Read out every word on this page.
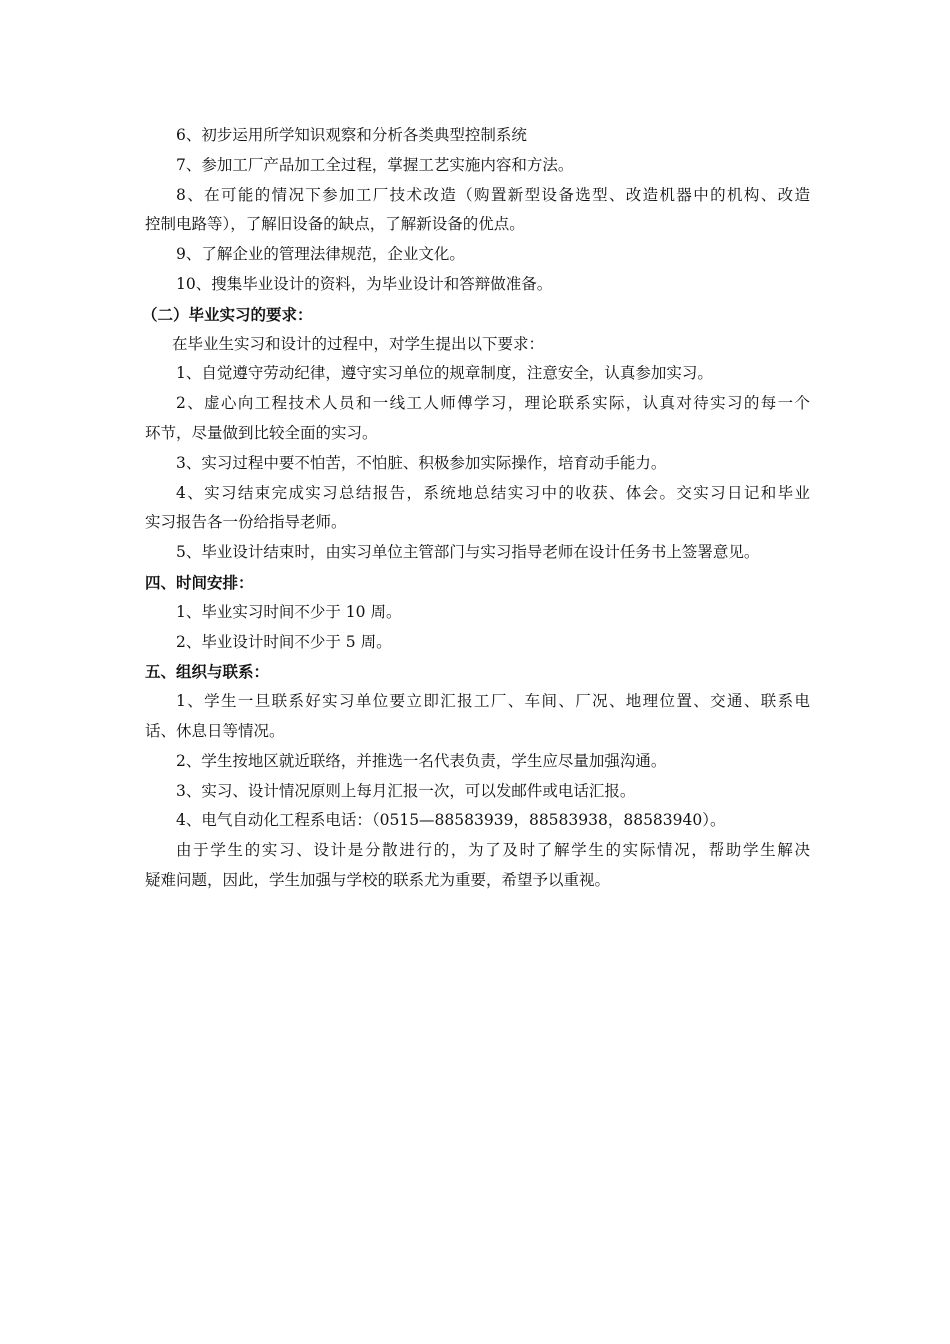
6、初步运用所学知识观察和分析各类典型控制系统
7、参加工厂产品加工全过程，掌握工艺实施内容和方法。
8、在可能的情况下参加工厂技术改造（购置新型设备选型、改造机器中的机构、改造
控制电路等），了解旧设备的缺点，了解新设备的优点。
9、了解企业的管理法律规范，企业文化。
10、搜集毕业设计的资料，为毕业设计和答辩做准备。
（二）毕业实习的要求：
在毕业生实习和设计的过程中，对学生提出以下要求：
1、自觉遵守劳动纪律，遵守实习单位的规章制度，注意安全，认真参加实习。
2、虚心向工程技术人员和一线工人师傅学习，理论联系实际，认真对待实习的每一个
环节，尽量做到比较全面的实习。
3、实习过程中要不怕苦，不怕脏、积极参加实际操作，培育动手能力。
4、实习结束完成实习总结报告，系统地总结实习中的收获、体会。交实习日记和毕业
实习报告各一份给指导老师。
5、毕业设计结束时，由实习单位主管部门与实习指导老师在设计任务书上签署意见。
四、时间安排：
1、毕业实习时间不少于 10 周。
2、毕业设计时间不少于 5 周。
五、组织与联系：
1、学生一旦联系好实习单位要立即汇报工厂、车间、厂况、地理位置、交通、联系电
话、休息日等情况。
2、学生按地区就近联络，并推选一名代表负责，学生应尽量加强沟通。
3、实习、设计情况原则上每月汇报一次，可以发邮件或电话汇报。
4、电气自动化工程系电话：（0515—88583939，88583938，88583940）。
由于学生的实习、设计是分散进行的，为了及时了解学生的实际情况，帮助学生解决
疑难问题，因此，学生加强与学校的联系尤为重要，希望予以重视。
